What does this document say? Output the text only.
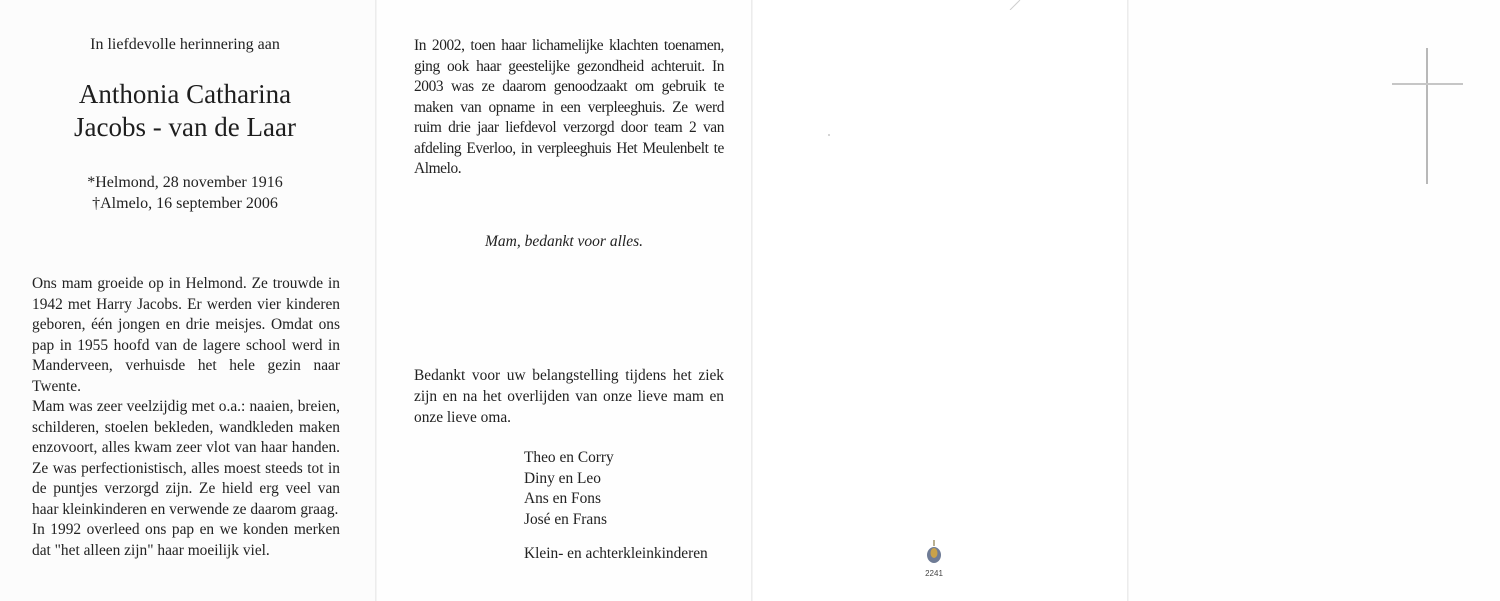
In liefdevolle herinnering aan
Anthonia Catharina
Jacobs - van de Laar
*Helmond, 28 november 1916
†Almelo, 16 september 2006

Ons mam groeide op in Helmond. Ze trouwde in 1942 met Harry Jacobs. Er werden vier kinderen geboren, één jongen en drie meisjes. Omdat ons pap in 1955 hoofd van de lagere school werd in Manderveen, verhuisde het hele gezin naar Twente.

Mam was zeer veelzijdig met o.a.: naaien, breien, schilderen, stoelen bekleden, wandkleden maken enzovoort, alles kwam zeer vlot van haar handen. Ze was perfectionistisch, alles moest steeds tot in de puntjes verzorgd zijn. Ze hield erg veel van haar kleinkinderen en verwende ze daarom graag.

In 1992 overleed ons pap en we konden merken dat "het alleen zijn" haar moeilijk viel.

In 2002, toen haar lichamelijke klachten toenamen, ging ook haar geestelijke gezondheid achteruit. In 2003 was ze daarom genoodzaakt om gebruik te maken van opname in een verpleeghuis. Ze werd ruim drie jaar liefdevol verzorgd door team 2 van afdeling Everloo, in verpleeghuis Het Meulenbelt te Almelo.
Mam, bedankt voor alles.
Bedankt voor uw belangstelling tijdens het ziek zijn en na het overlijden van onze lieve mam en onze lieve oma.
Theo en Corry
Diny en Leo
Ans en Fons
José en Frans
Klein- en achterkleinkinderen
2241
